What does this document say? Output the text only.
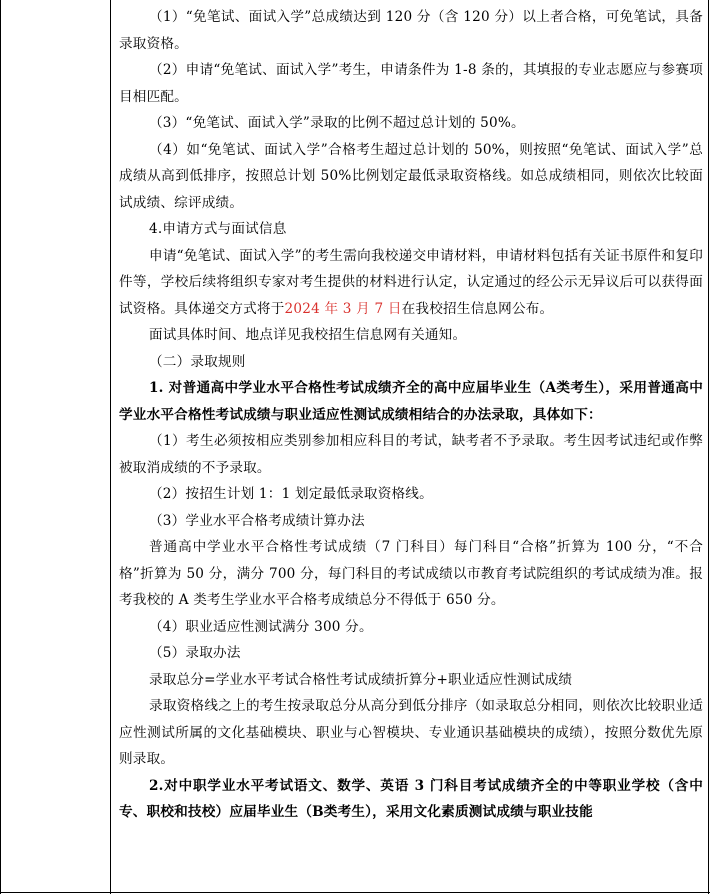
（1）“免笔试、面试入学”总成绩达到 120 分（含 120 分）以上者合格，可免笔试，具备录取资格。

（2）申请“免笔试、面试入学”考生，申请条件为 1-8 条的，其填报的专业志愿应与参赛项目相匹配。

（3）“免笔试、面试入学”录取的比例不超过总计划的 50%。

（4）如“免笔试、面试入学”合格考生超过总计划的 50%，则按照“免笔试、面试入学”总成绩从高到低排序，按照总计划 50%比例划定最低录取资格线。如总成绩相同，则依次比较面试成绩、综评成绩。

4.申请方式与面试信息

申请“免笔试、面试入学”的考生需向我校递交申请材料，申请材料包括有关证书原件和复印件等，学校后续将组织专家对考生提供的材料进行认定，认定通过的经公示无异议后可以获得面试资格。具体递交方式将于2024 年 3 月 7 日在我校招生信息网公布。

面试具体时间、地点详见我校招生信息网有关通知。

（二）录取规则

1. 对普通高中学业水平合格性考试成绩齐全的高中应届毕业生（A类考生），采用普通高中学业水平合格性考试成绩与职业适应性测试成绩相结合的办法录取，具体如下：

（1）考生必须按相应类别参加相应科目的考试，缺考者不予录取。考生因考试违纪或作弊被取消成绩的不予录取。

（2）按招生计划 1：1 划定最低录取资格线。

（3）学业水平合格考成绩计算办法

普通高中学业水平合格性考试成绩（7 门科目）每门科目“合格”折算为 100 分，“不合格”折算为 50 分，满分 700 分，每门科目的考试成绩以市教育考试院组织的考试成绩为准。报考我校的 A 类考生学业水平合格考成绩总分不得低于 650 分。

（4）职业适应性测试满分 300 分。

（5）录取办法

录取总分=学业水平考试合格性考试成绩折算分+职业适应性测试成绩

录取资格线之上的考生按录取总分从高分到低分排序（如录取总分相同，则依次比较职业适应性测试所属的文化基础模块、职业与心智模块、专业通识基础模块的成绩），按照分数优先原则录取。

2.对中职学业水平考试语文、数学、英语 3 门科目考试成绩齐全的中等职业学校（含中专、职校和技校）应届毕业生（B类考生），采用文化素质测试成绩与职业技能
